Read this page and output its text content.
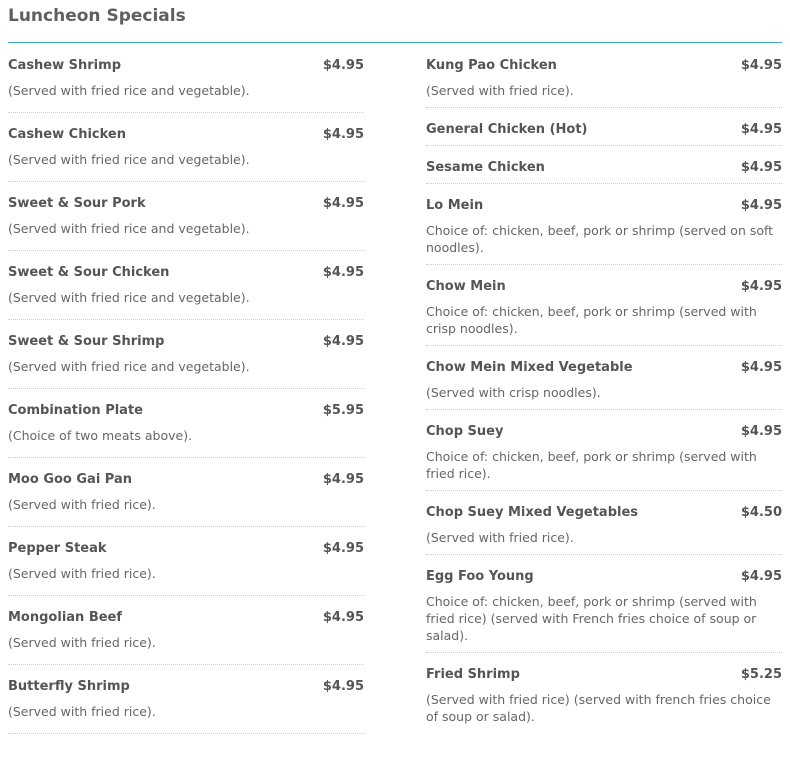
Luncheon Specials
Cashew Shrimp	$4.95
(Served with fried rice and vegetable).
Cashew Chicken	$4.95
(Served with fried rice and vegetable).
Sweet & Sour Pork	$4.95
(Served with fried rice and vegetable).
Sweet & Sour Chicken	$4.95
(Served with fried rice and vegetable).
Sweet & Sour Shrimp	$4.95
(Served with fried rice and vegetable).
Combination Plate	$5.95
(Choice of two meats above).
Moo Goo Gai Pan	$4.95
(Served with fried rice).
Pepper Steak	$4.95
(Served with fried rice).
Mongolian Beef	$4.95
(Served with fried rice).
Butterfly Shrimp	$4.95
(Served with fried rice).
Kung Pao Chicken	$4.95
(Served with fried rice).
General Chicken (Hot)	$4.95
Sesame Chicken	$4.95
Lo Mein	$4.95
Choice of: chicken, beef, pork or shrimp (served on soft noodles).
Chow Mein	$4.95
Choice of: chicken, beef, pork or shrimp (served with crisp noodles).
Chow Mein Mixed Vegetable	$4.95
(Served with crisp noodles).
Chop Suey	$4.95
Choice of: chicken, beef, pork or shrimp (served with fried rice).
Chop Suey Mixed Vegetables	$4.50
(Served with fried rice).
Egg Foo Young	$4.95
Choice of: chicken, beef, pork or shrimp (served with fried rice) (served with French fries choice of soup or salad).
Fried Shrimp	$5.25
(Served with fried rice) (served with french fries choice of soup or salad).
